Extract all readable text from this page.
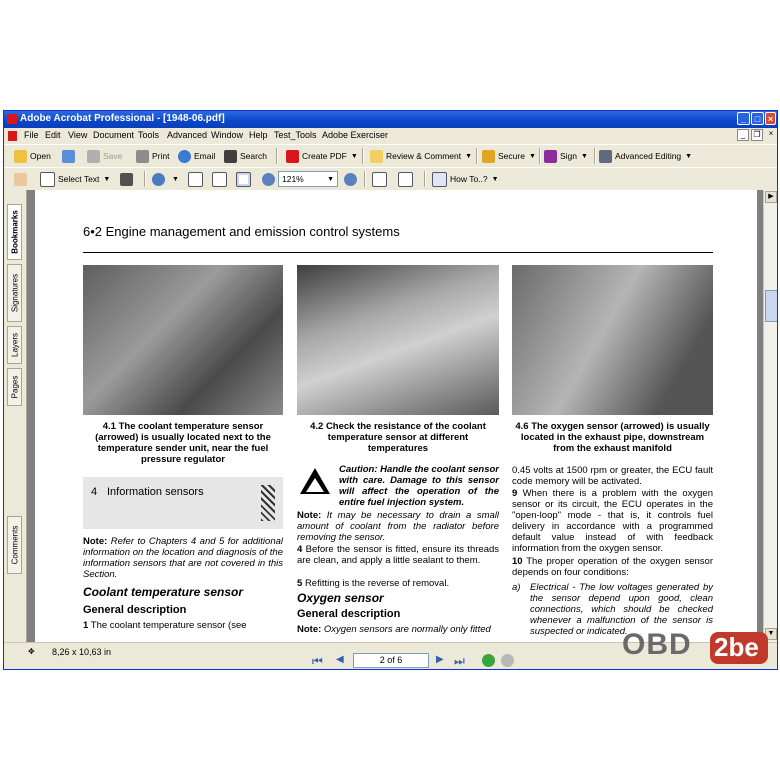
Adobe Acrobat Professional - [1948-06.pdf]	_ □ ×
File Edit View Document Tools Advanced Window Help Test_Tools Adobe Exerciser	_	❐	×
Open	Save	Print	Email	Search	Create PDF ▼	Review & Comment ▼	Secure ▼	Sign ▼	Advanced Editing ▼
Select Text ▼	▼	121%	▼	How To..? ▼
Bookmarks
Signatures
Layers
Pages
Comments
6•2 Engine management and emission control systems
4.1 The coolant temperature sensor (arrowed) is usually located next to the temperature sender unit, near the fuel pressure regulator
4.2 Check the resistance of the coolant temperature sensor at different temperatures
4.6 The oxygen sensor (arrowed) is usually located in the exhaust pipe, downstream from the exhaust manifold
4 Information sensors
Note: Refer to Chapters 4 and 5 for additional information on the location and diagnosis of the information sensors that are not covered in this Section.
Coolant temperature sensor
General description
1 The coolant temperature sensor (see
Caution: Handle the coolant sensor with care. Damage to this sensor will affect the operation of the entire fuel injection system.
Note: It may be necessary to drain a small amount of coolant from the radiator before removing the sensor.
4 Before the sensor is fitted, ensure its threads are clean, and apply a little sealant to them.
5 Refitting is the reverse of removal.
Oxygen sensor
General description
Note: Oxygen sensors are normally only fitted
0.45 volts at 1500 rpm or greater, the ECU fault code memory will be activated.
9 When there is a problem with the oxygen sensor or its circuit, the ECU operates in the "open-loop" mode - that is, it controls fuel delivery in accordance with a programmed default value instead of with feedback information from the oxygen sensor.
10 The proper operation of the oxygen sensor depends on four conditions:
a) Electrical - The low voltages generated by the sensor depend upon good, clean connections, which should be checked whenever a malfunction of the sensor is suspected or indicated.
▶
▼
✥ 8,26 x 10,63 in
⏮ ◀	2 of 6	▶ ⏭	OBD 2be
